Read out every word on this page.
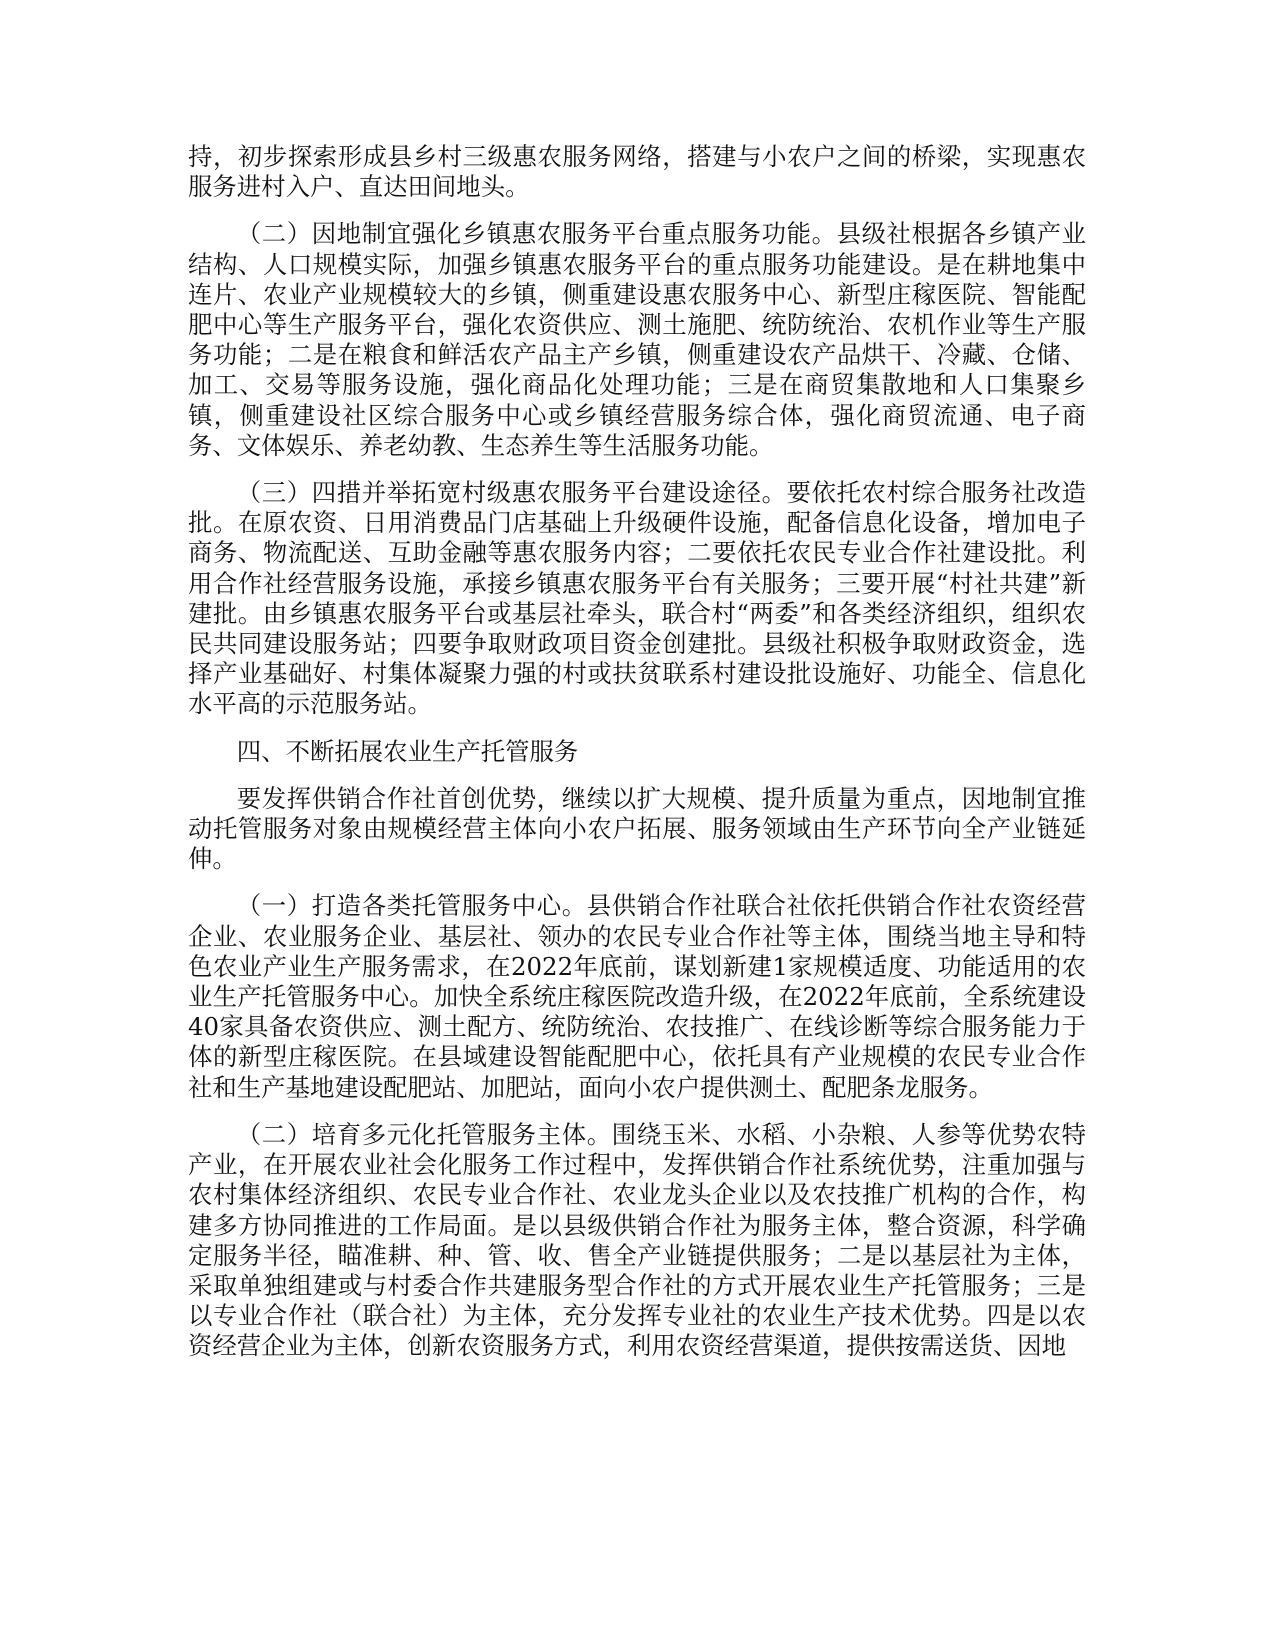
持，初步探索形成县乡村三级惠农服务网络，搭建与小农户之间的桥梁，实现惠农服务进村入户、直达田间地头。

（二）因地制宜强化乡镇惠农服务平台重点服务功能。县级社根据各乡镇产业结构、人口规模实际，加强乡镇惠农服务平台的重点服务功能建设。是在耕地集中连片、农业产业规模较大的乡镇，侧重建设惠农服务中心、新型庄稼医院、智能配肥中心等生产服务平台，强化农资供应、测土施肥、统防统治、农机作业等生产服务功能；二是在粮食和鲜活农产品主产乡镇，侧重建设农产品烘干、冷藏、仓储、加工、交易等服务设施，强化商品化处理功能；三是在商贸集散地和人口集聚乡镇，侧重建设社区综合服务中心或乡镇经营服务综合体，强化商贸流通、电子商务、文体娱乐、养老幼教、生态养生等生活服务功能。

（三）四措并举拓宽村级惠农服务平台建设途径。要依托农村综合服务社改造批。在原农资、日用消费品门店基础上升级硬件设施，配备信息化设备，增加电子商务、物流配送、互助金融等惠农服务内容；二要依托农民专业合作社建设批。利用合作社经营服务设施，承接乡镇惠农服务平台有关服务；三要开展“村社共建”新建批。由乡镇惠农服务平台或基层社牵头，联合村“两委”和各类经济组织，组织农民共同建设服务站；四要争取财政项目资金创建批。县级社积极争取财政资金，选择产业基础好、村集体凝聚力强的村或扶贫联系村建设批设施好、功能全、信息化水平高的示范服务站。

四、不断拓展农业生产托管服务

要发挥供销合作社首创优势，继续以扩大规模、提升质量为重点，因地制宜推动托管服务对象由规模经营主体向小农户拓展、服务领域由生产环节向全产业链延伸。

（一）打造各类托管服务中心。县供销合作社联合社依托供销合作社农资经营企业、农业服务企业、基层社、领办的农民专业合作社等主体，围绕当地主导和特色农业产业生产服务需求，在2022年底前，谋划新建1家规模适度、功能适用的农业生产托管服务中心。加快全系统庄稼医院改造升级，在2022年底前，全系统建设40家具备农资供应、测土配方、统防统治、农技推广、在线诊断等综合服务能力于体的新型庄稼医院。在县域建设智能配肥中心，依托具有产业规模的农民专业合作社和生产基地建设配肥站、加肥站，面向小农户提供测土、配肥条龙服务。

（二）培育多元化托管服务主体。围绕玉米、水稻、小杂粮、人参等优势农特产业，在开展农业社会化服务工作过程中，发挥供销合作社系统优势，注重加强与农村集体经济组织、农民专业合作社、农业龙头企业以及农技推广机构的合作，构建多方协同推进的工作局面。是以县级供销合作社为服务主体，整合资源，科学确定服务半径，瞄准耕、种、管、收、售全产业链提供服务；二是以基层社为主体，采取单独组建或与村委合作共建服务型合作社的方式开展农业生产托管服务；三是以专业合作社（联合社）为主体，充分发挥专业社的农业生产技术优势。四是以农资经营企业为主体，创新农资服务方式，利用农资经营渠道，提供按需送货、因地
